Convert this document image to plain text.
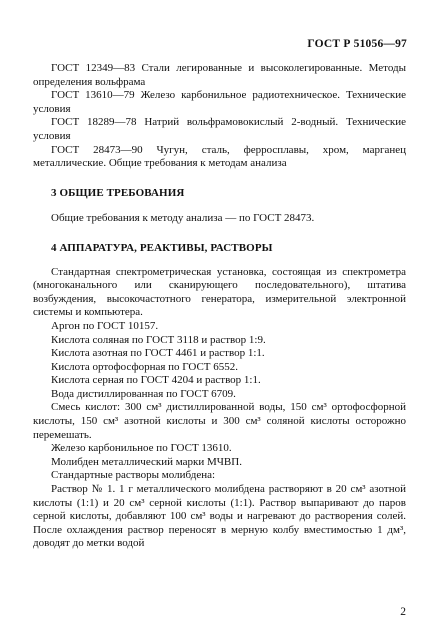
ГОСТ Р 51056—97

ГОСТ 12349—83 Стали легированные и высоколегированные. Методы определения вольфрама

ГОСТ 13610—79 Железо карбонильное радиотехническое. Технические условия

ГОСТ 18289—78 Натрий вольфрамовокислый 2-водный. Технические условия

ГОСТ 28473—90 Чугун, сталь, ферросплавы, хром, марганец металлические. Общие требования к методам анализа

3 ОБЩИЕ ТРЕБОВАНИЯ

Общие требования к методу анализа — по ГОСТ 28473.

4 АППАРАТУРА, РЕАКТИВЫ, РАСТВОРЫ

Стандартная спектрометрическая установка, состоящая из спектрометра (многоканального или сканирующего последовательного), штатива возбуждения, высокочастотного генератора, измерительной электронной системы и компьютера.

Аргон по ГОСТ 10157.

Кислота соляная по ГОСТ 3118 и раствор 1:9.

Кислота азотная по ГОСТ 4461 и раствор 1:1.

Кислота ортофосфорная по ГОСТ 6552.

Кислота серная по ГОСТ 4204 и раствор 1:1.

Вода дистиллированная по ГОСТ 6709.

Смесь кислот: 300 см³ дистиллированной воды, 150 см³ ортофосфорной кислоты, 150 см³ азотной кислоты и 300 см³ соляной кислоты осторожно перемешать.

Железо карбонильное по ГОСТ 13610.

Молибден металлический марки МЧВП.

Стандартные растворы молибдена:

Раствор № 1. 1 г металлического молибдена растворяют в 20 см³ азотной кислоты (1:1) и 20 см³ серной кислоты (1:1). Раствор выпаривают до паров серной кислоты, добавляют 100 см³ воды и нагревают до растворения солей. После охлаждения раствор переносят в мерную колбу вместимостью 1 дм³, доводят до метки водой

2
